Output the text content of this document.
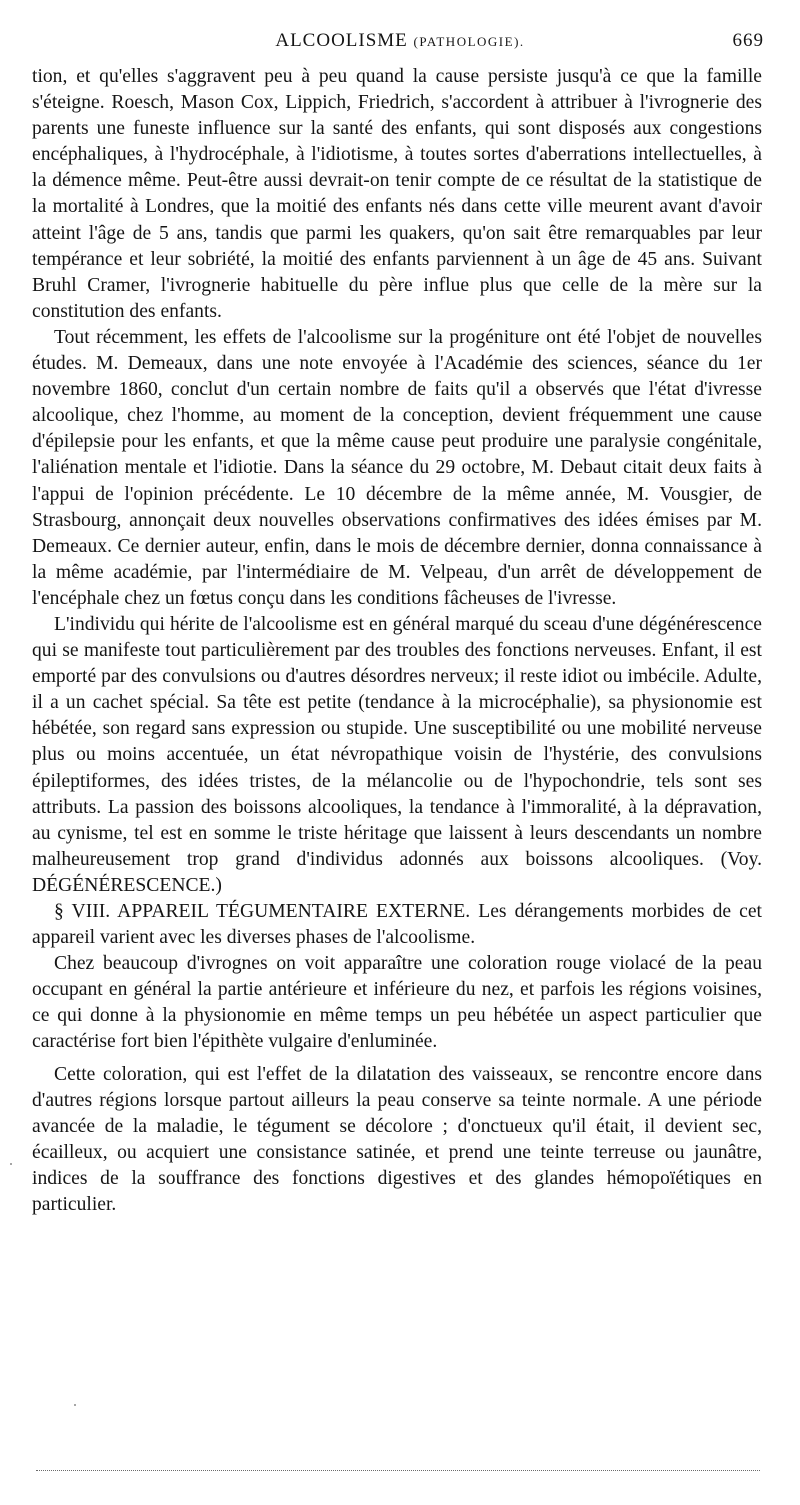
ALCOOLISME (PATHOLOGIE).	669

tion, et qu'elles s'aggravent peu à peu quand la cause persiste jusqu'à ce que la famille s'éteigne. Roesch, Mason Cox, Lippich, Friedrich, s'accordent à attribuer à l'ivrognerie des parents une funeste influence sur la santé des enfants, qui sont disposés aux congestions encéphaliques, à l'hydrocéphale, à l'idiotisme, à toutes sortes d'aberrations intellectuelles, à la démence même. Peut-être aussi devrait-on tenir compte de ce résultat de la statistique de la mortalité à Londres, que la moitié des enfants nés dans cette ville meurent avant d'avoir atteint l'âge de 5 ans, tandis que parmi les quakers, qu'on sait être remarquables par leur tempérance et leur sobriété, la moitié des enfants parviennent à un âge de 45 ans. Suivant Bruhl Cramer, l'ivrognerie habituelle du père influe plus que celle de la mère sur la constitution des enfants.

Tout récemment, les effets de l'alcoolisme sur la progéniture ont été l'objet de nouvelles études. M. Demeaux, dans une note envoyée à l'Académie des sciences, séance du 1er novembre 1860, conclut d'un certain nombre de faits qu'il a observés que l'état d'ivresse alcoolique, chez l'homme, au moment de la conception, devient fréquemment une cause d'épilepsie pour les enfants, et que la même cause peut produire une paralysie congénitale, l'aliénation mentale et l'idiotie. Dans la séance du 29 octobre, M. Debaut citait deux faits à l'appui de l'opinion précédente. Le 10 décembre de la même année, M. Vousgier, de Strasbourg, annonçait deux nouvelles observations confirmatives des idées émises par M. Demeaux. Ce dernier auteur, enfin, dans le mois de décembre dernier, donna connaissance à la même académie, par l'intermédiaire de M. Velpeau, d'un arrêt de développement de l'encéphale chez un fœtus conçu dans les conditions fâcheuses de l'ivresse.

L'individu qui hérite de l'alcoolisme est en général marqué du sceau d'une dégénérescence qui se manifeste tout particulièrement par des troubles des fonctions nerveuses. Enfant, il est emporté par des convulsions ou d'autres désordres nerveux; il reste idiot ou imbécile. Adulte, il a un cachet spécial. Sa tête est petite (tendance à la microcéphalie), sa physionomie est hébétée, son regard sans expression ou stupide. Une susceptibilité ou une mobilité nerveuse plus ou moins accentuée, un état névropathique voisin de l'hystérie, des convulsions épileptiformes, des idées tristes, de la mélancolie ou de l'hypochondrie, tels sont ses attributs. La passion des boissons alcooliques, la tendance à l'immoralité, à la dépravation, au cynisme, tel est en somme le triste héritage que laissent à leurs descendants un nombre malheureusement trop grand d'individus adonnés aux boissons alcooliques. (Voy. DÉGÉNÉRESCENCE.)

§ VIII. APPAREIL TÉGUMENTAIRE EXTERNE. Les dérangements morbides de cet appareil varient avec les diverses phases de l'alcoolisme.

Chez beaucoup d'ivrognes on voit apparaître une coloration rouge violacé de la peau occupant en général la partie antérieure et inférieure du nez, et parfois les régions voisines, ce qui donne à la physionomie en même temps un peu hébétée un aspect particulier que caractérise fort bien l'épithète vulgaire d'enluminée.

Cette coloration, qui est l'effet de la dilatation des vaisseaux, se rencontre encore dans d'autres régions lorsque partout ailleurs la peau conserve sa teinte normale. A une période avancée de la maladie, le tégument se décolore ; d'onctueux qu'il était, il devient sec, écailleux, ou acquiert une consistance satinée, et prend une teinte terreuse ou jaunâtre, indices de la souffrance des fonctions digestives et des glandes hémopoïétiques en particulier.
